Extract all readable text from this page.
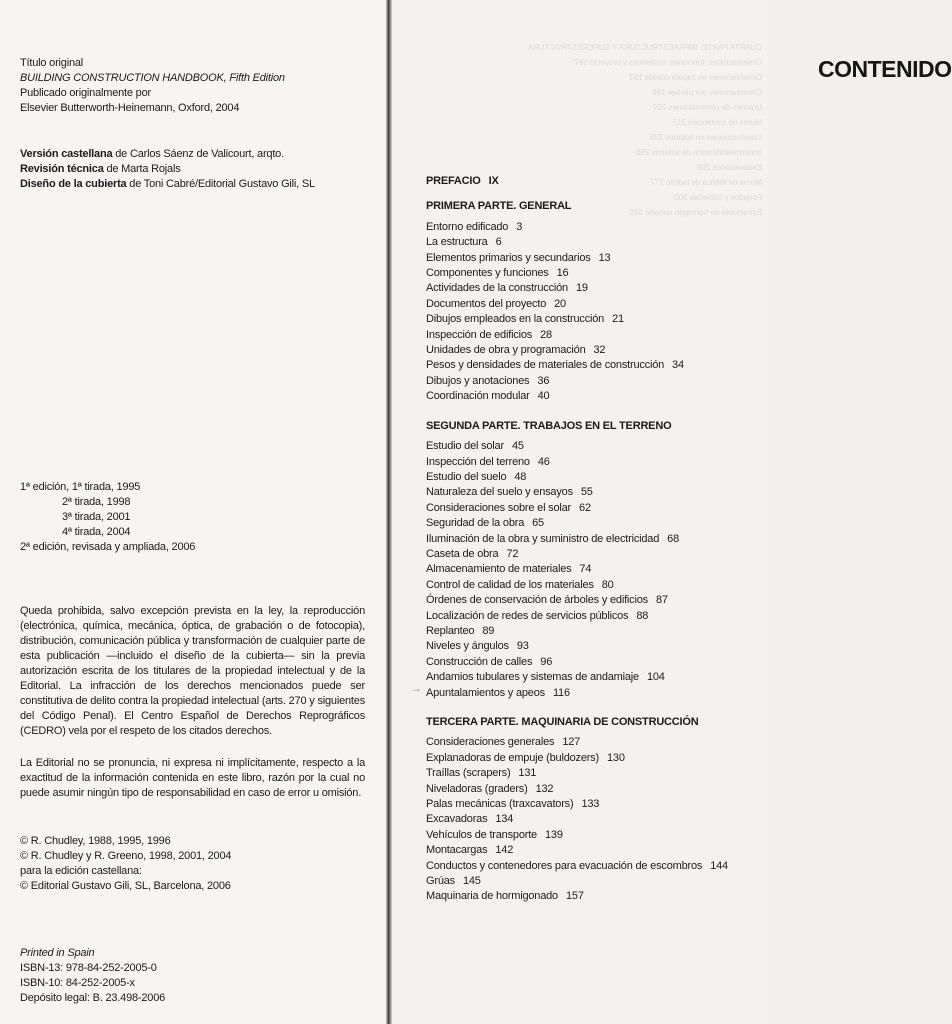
Título original
BUILDING CONSTRUCTION HANDBOOK, Fifth Edition
Publicado originalmente por
Elsevier Butterworth-Heinemann, Oxford, 2004
Versión castellana de Carlos Sáenz de Valicourt, arqto.
Revisión técnica de Marta Rojals
Diseño de la cubierta de Toni Cabré/Editorial Gustavo Gili, SL
1ª edición, 1ª tirada, 1995
2ª tirada, 1998
3ª tirada, 2001
4ª tirada, 2004
2ª edición, revisada y ampliada, 2006
Queda prohibida, salvo excepción prevista en la ley, la reproducción (electrónica, química, mecánica, óptica, de grabación o de fotocopia), distribución, comunicación pública y transformación de cualquier parte de esta publicación —incluido el diseño de la cubierta— sin la previa autorización escrita de los titulares de la propiedad intelectual y de la Editorial. La infracción de los derechos mencionados puede ser constitutiva de delito contra la propiedad intelectual (arts. 270 y siguientes del Código Penal). El Centro Español de Derechos Reprográficos (CEDRO) vela por el respeto de los citados derechos.
La Editorial no se pronuncia, ni expresa ni implícitamente, respecto a la exactitud de la información contenida en este libro, razón por la cual no puede asumir ningún tipo de responsabilidad en caso de error u omisión.
© R. Chudley, 1988, 1995, 1996
© R. Chudley y R. Greeno, 1998, 2001, 2004
para la edición castellana:
© Editorial Gustavo Gili, SL, Barcelona, 2006
Printed in Spain
ISBN-13: 978-84-252-2005-0
ISBN-10: 84-252-2005-x
Depósito legal: B. 23.498-2006
CUARTA PARTE. INFRAESTRUCTURA Y SUPERESTRUCTURA
Cimentaciones: funciones, materiales y proyecto 187
Cimentaciones en zapata corrida 193
Cimentaciones por pilotaje 198
Uniones de cimentaciones 207
Muros de contención 217
Construcciones en sótanos 235
Impermeabilización de sótanos 256
Excavaciones 269
Muros de fábrica de ladrillo 277
Forjados y cubiertas 300
Estructuras de hormigón armado 320
CONTENIDO
PREFACIO IX
PRIMERA PARTE. GENERAL
Entorno edificado 3
La estructura 6
Elementos primarios y secundarios 13
Componentes y funciones 16
Actividades de la construcción 19
Documentos del proyecto 20
Dibujos empleados en la construcción 21
Inspección de edificios 28
Unidades de obra y programación 32
Pesos y densidades de materiales de construcción 34
Dibujos y anotaciones 36
Coordinación modular 40
SEGUNDA PARTE. TRABAJOS EN EL TERRENO
Estudio del solar 45
Inspección del terreno 46
Estudio del suelo 48
Naturaleza del suelo y ensayos 55
Consideraciones sobre el solar 62
Seguridad de la obra 65
Iluminación de la obra y suministro de electricidad 68
Caseta de obra 72
Almacenamiento de materiales 74
Control de calidad de los materiales 80
Órdenes de conservación de árboles y edificios 87
Localización de redes de servicios públicos 88
Replanteo 89
Niveles y ángulos 93
Construcción de calles 96
Andamios tubulares y sistemas de andamiaje 104
Apuntalamientos y apeos 116
TERCERA PARTE. MAQUINARIA DE CONSTRUCCIÓN
Consideraciones generales 127
Explanadoras de empuje (buldozers) 130
Traíllas (scrapers) 131
Niveladoras (graders) 132
Palas mecánicas (traxcavators) 133
Excavadoras 134
Vehículos de transporte 139
Montacargas 142
Conductos y contenedores para evacuación de escombros 144
Grúas 145
Maquinaria de hormigonado 157
→
